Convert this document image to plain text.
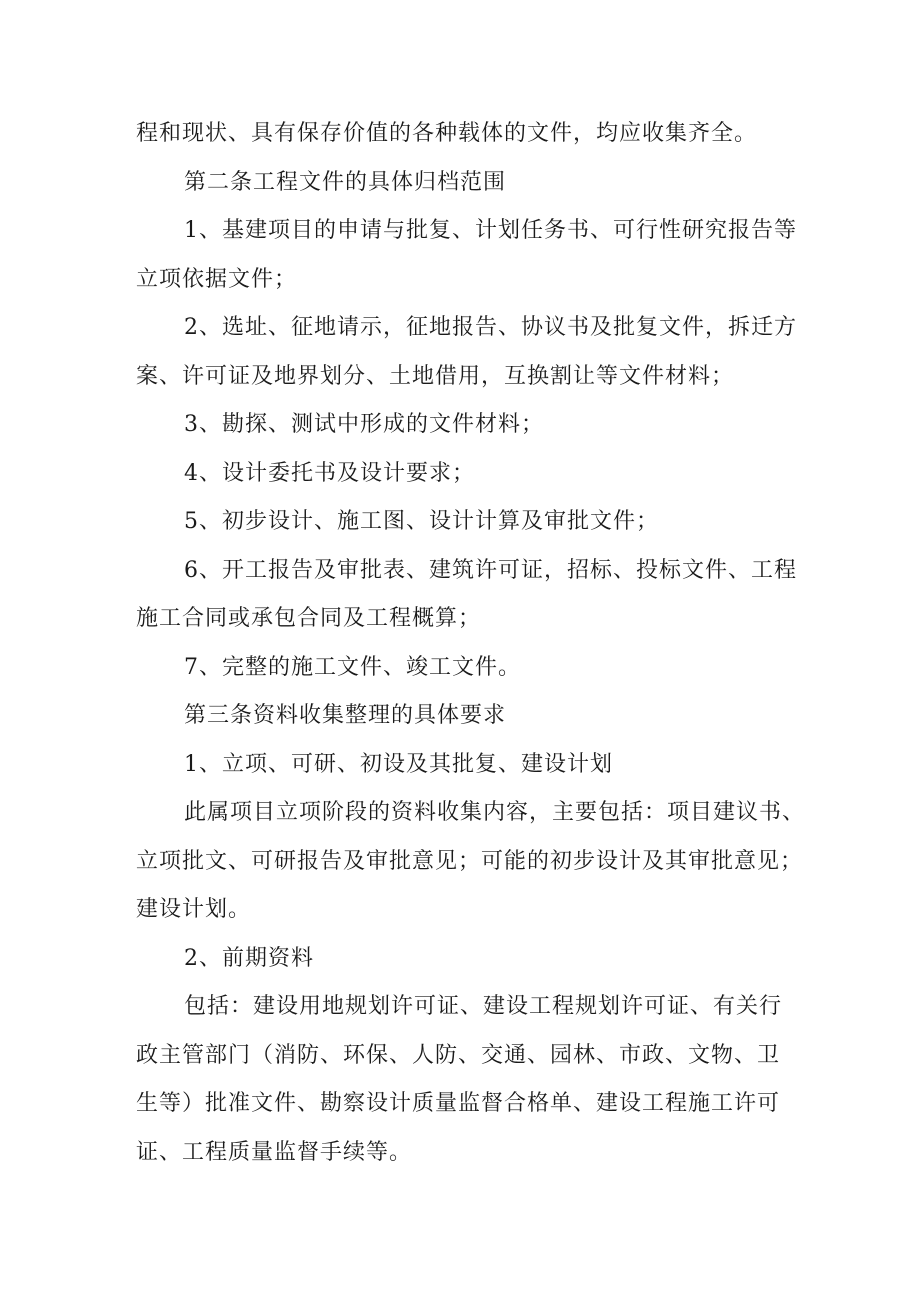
程和现状、具有保存价值的各种载体的文件，均应收集齐全。

第二条工程文件的具体归档范围

1、基建项目的申请与批复、计划任务书、可行性研究报告等
立项依据文件；

2、选址、征地请示，征地报告、协议书及批复文件，拆迁方
案、许可证及地界划分、土地借用，互换割让等文件材料；

3、勘探、测试中形成的文件材料；

4、设计委托书及设计要求；

5、初步设计、施工图、设计计算及审批文件；

6、开工报告及审批表、建筑许可证，招标、投标文件、工程
施工合同或承包合同及工程概算；

7、完整的施工文件、竣工文件。

第三条资料收集整理的具体要求

1、立项、可研、初设及其批复、建设计划

此属项目立项阶段的资料收集内容，主要包括：项目建议书、
立项批文、可研报告及审批意见；可能的初步设计及其审批意见；
建设计划。

2、前期资料

包括：建设用地规划许可证、建设工程规划许可证、有关行
政主管部门（消防、环保、人防、交通、园林、市政、文物、卫
生等）批准文件、勘察设计质量监督合格单、建设工程施工许可
证、工程质量监督手续等。
